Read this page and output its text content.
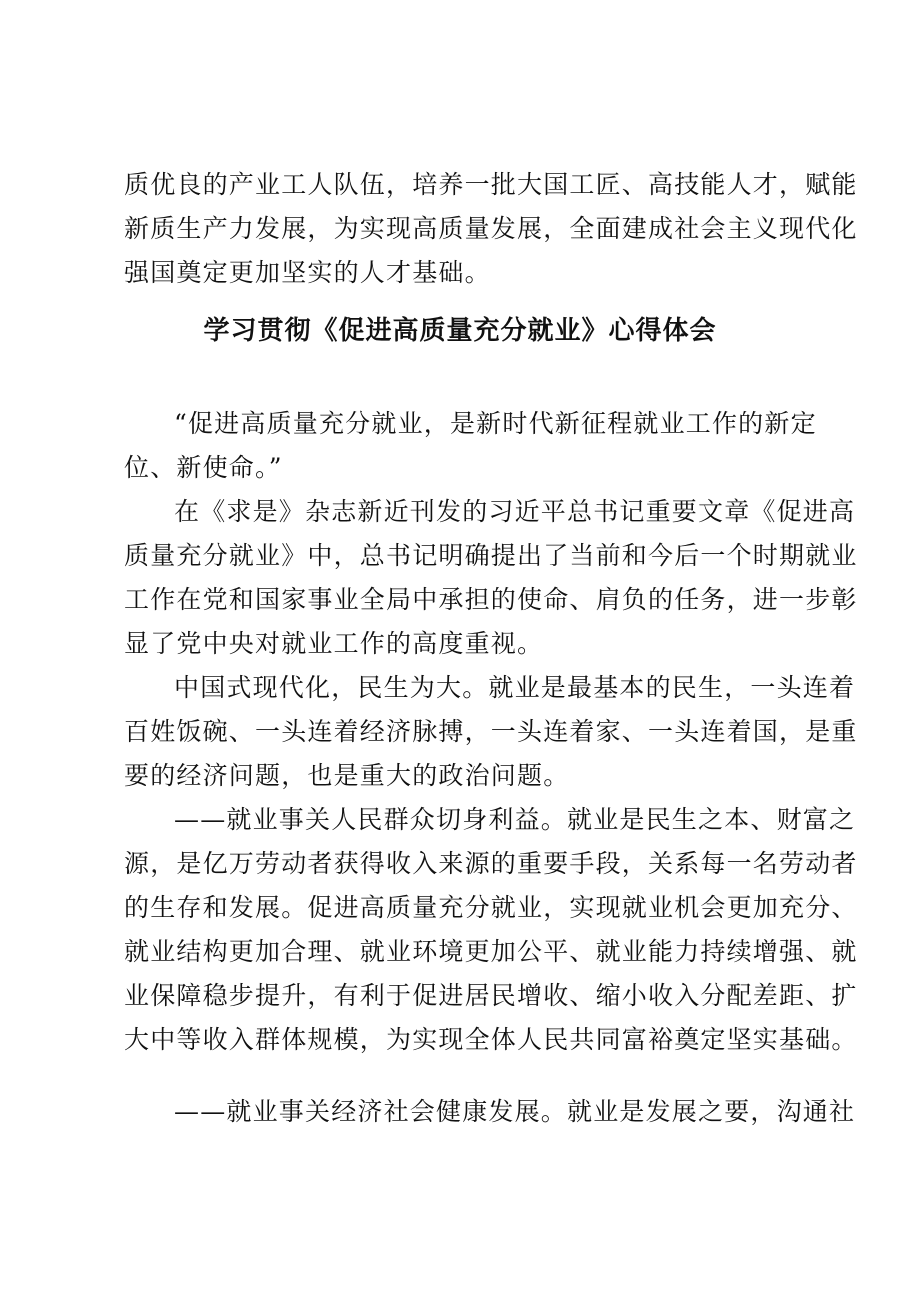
质优良的产业工人队伍，培养一批大国工匠、高技能人才，赋能
新质生产力发展，为实现高质量发展，全面建成社会主义现代化
强国奠定更加坚实的人才基础。
学习贯彻《促进高质量充分就业》心得体会
“促进高质量充分就业，是新时代新征程就业工作的新定
位、新使命。”
在《求是》杂志新近刊发的习近平总书记重要文章《促进高
质量充分就业》中，总书记明确提出了当前和今后一个时期就业
工作在党和国家事业全局中承担的使命、肩负的任务，进一步彰
显了党中央对就业工作的高度重视。
中国式现代化，民生为大。就业是最基本的民生，一头连着
百姓饭碗、一头连着经济脉搏，一头连着家、一头连着国，是重
要的经济问题，也是重大的政治问题。
——就业事关人民群众切身利益。就业是民生之本、财富之
源，是亿万劳动者获得收入来源的重要手段，关系每一名劳动者
的生存和发展。促进高质量充分就业，实现就业机会更加充分、
就业结构更加合理、就业环境更加公平、就业能力持续增强、就
业保障稳步提升，有利于促进居民增收、缩小收入分配差距、扩
大中等收入群体规模，为实现全体人民共同富裕奠定坚实基础。
——就业事关经济社会健康发展。就业是发展之要，沟通社
